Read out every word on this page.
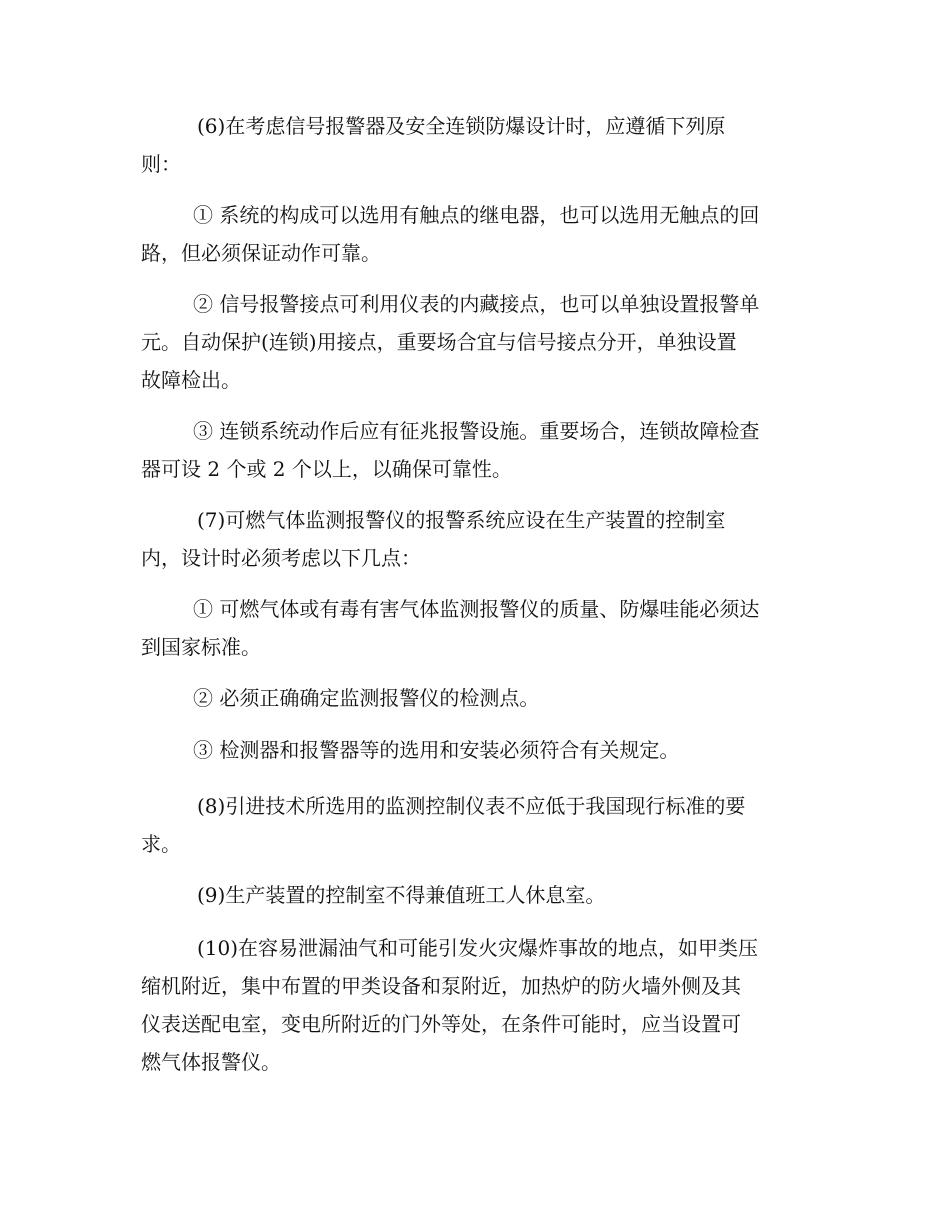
(6)在考虑信号报警器及安全连锁防爆设计时，应遵循下列原
则：
① 系统的构成可以选用有触点的继电器，也可以选用无触点的回
路，但必须保证动作可靠。
② 信号报警接点可利用仪表的内藏接点，也可以单独设置报警单
元。自动保护(连锁)用接点，重要场合宜与信号接点分开，单独设置
故障检出。
③ 连锁系统动作后应有征兆报警设施。重要场合，连锁故障检查
器可设 2 个或 2 个以上，以确保可靠性。
(7)可燃气体监测报警仪的报警系统应设在生产装置的控制室
内，设计时必须考虑以下几点：
① 可燃气体或有毒有害气体监测报警仪的质量、防爆哇能必须达
到国家标准。
② 必须正确确定监测报警仪的检测点。
③ 检测器和报警器等的选用和安装必须符合有关规定。
(8)引进技术所选用的监测控制仪表不应低于我国现行标准的要
求。
(9)生产装置的控制室不得兼值班工人休息室。
(10)在容易泄漏油气和可能引发火灾爆炸事故的地点，如甲类压
缩机附近，集中布置的甲类设备和泵附近，加热炉的防火墙外侧及其
仪表送配电室，变电所附近的门外等处，在条件可能时，应当设置可
燃气体报警仪。
